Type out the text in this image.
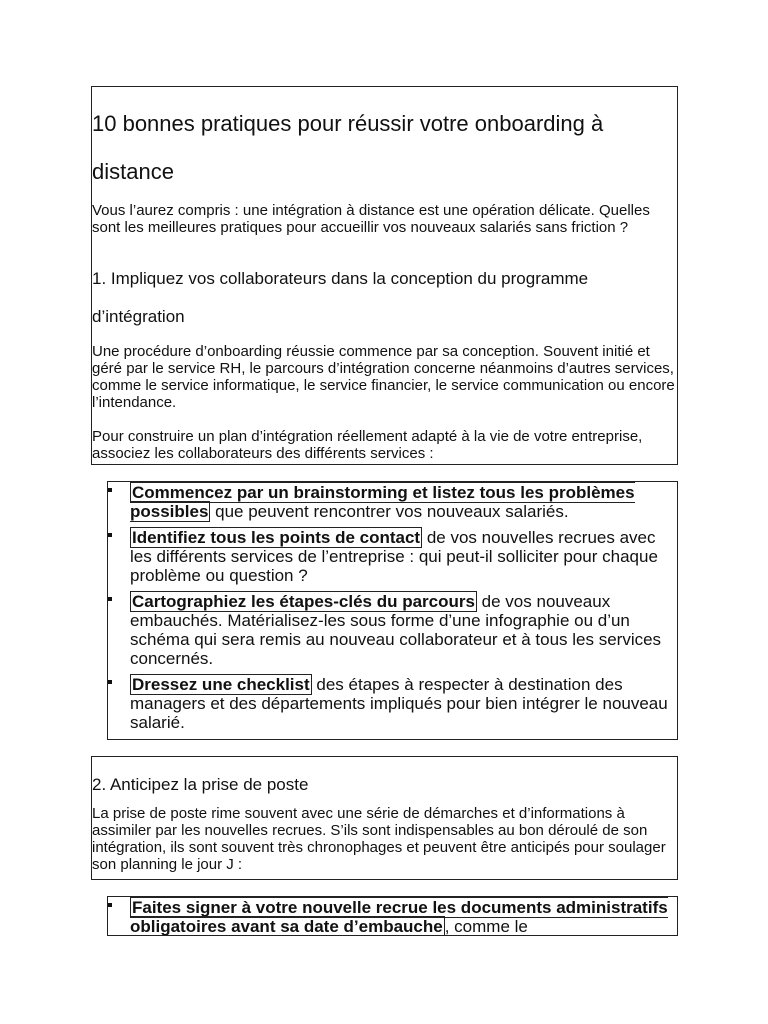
10 bonnes pratiques pour réussir votre onboarding à distance

Vous l’aurez compris : une intégration à distance est une opération délicate. Quelles sont les meilleures pratiques pour accueillir vos nouveaux salariés sans friction ?

1. Impliquez vos collaborateurs dans la conception du programme d’intégration

Une procédure d’onboarding réussie commence par sa conception. Souvent initié et géré par le service RH, le parcours d’intégration concerne néanmoins d’autres services, comme le service informatique, le service financier, le service communication ou encore l’intendance.

Pour construire un plan d’intégration réellement adapté à la vie de votre entreprise, associez les collaborateurs des différents services :

Commencez par un brainstorming et listez tous les problèmes possibles que peuvent rencontrer vos nouveaux salariés.
Identifiez tous les points de contact de vos nouvelles recrues avec les différents services de l’entreprise : qui peut-il solliciter pour chaque problème ou question ?
Cartographiez les étapes-clés du parcours de vos nouveaux embauchés. Matérialisez-les sous forme d’une infographie ou d’un schéma qui sera remis au nouveau collaborateur et à tous les services concernés.
Dressez une checklist des étapes à respecter à destination des managers et des départements impliqués pour bien intégrer le nouveau salarié.
2. Anticipez la prise de poste

La prise de poste rime souvent avec une série de démarches et d’informations à assimiler par les nouvelles recrues. S’ils sont indispensables au bon déroulé de son intégration, ils sont souvent très chronophages et peuvent être anticipés pour soulager son planning le jour J :

Faites signer à votre nouvelle recrue les documents administratifs obligatoires avant sa date d’embauche , comme le
